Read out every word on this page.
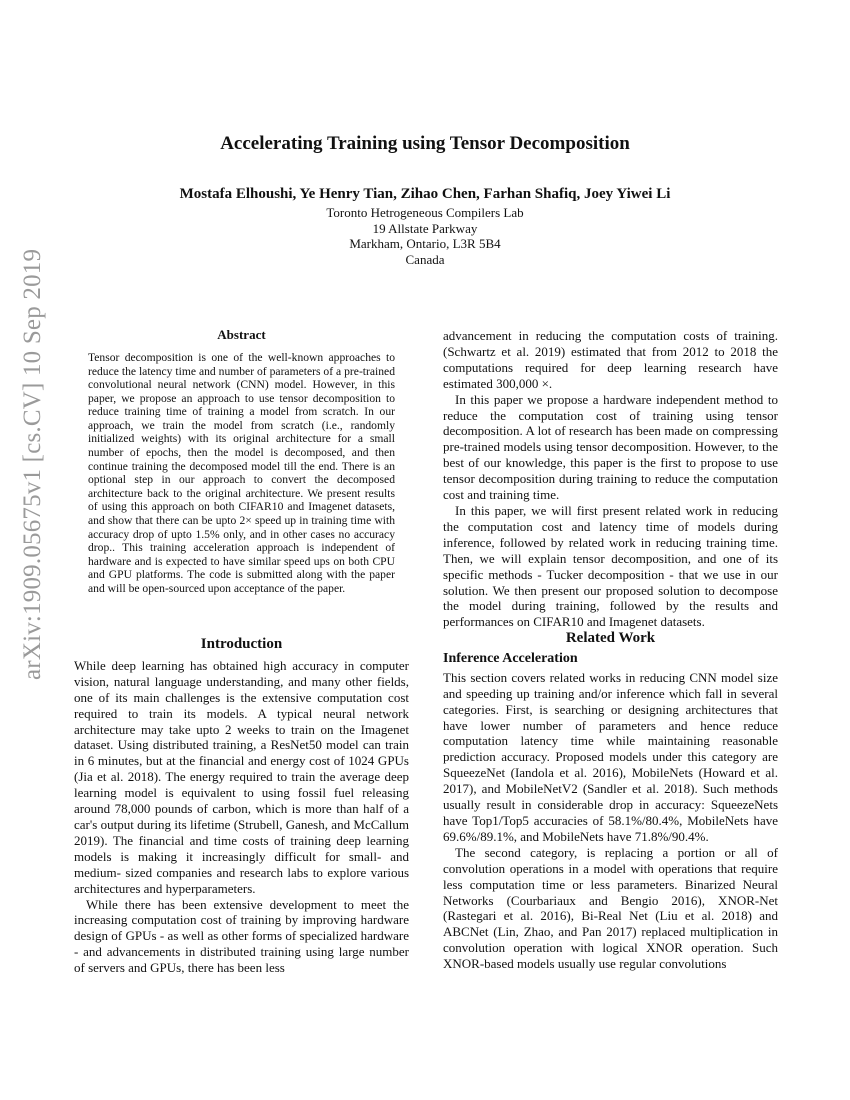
arXiv:1909.05675v1 [cs.CV] 10 Sep 2019
Accelerating Training using Tensor Decomposition
Mostafa Elhoushi, Ye Henry Tian, Zihao Chen, Farhan Shafiq, Joey Yiwei Li
Toronto Hetrogeneous Compilers Lab
19 Allstate Parkway
Markham, Ontario, L3R 5B4
Canada
Abstract
Tensor decomposition is one of the well-known approaches to reduce the latency time and number of parameters of a pre-trained convolutional neural network (CNN) model. However, in this paper, we propose an approach to use tensor decomposition to reduce training time of training a model from scratch. In our approach, we train the model from scratch (i.e., randomly initialized weights) with its original architecture for a small number of epochs, then the model is decomposed, and then continue training the decomposed model till the end. There is an optional step in our approach to convert the decomposed architecture back to the original architecture. We present results of using this approach on both CIFAR10 and Imagenet datasets, and show that there can be upto 2× speed up in training time with accuracy drop of upto 1.5% only, and in other cases no accuracy drop.. This training acceleration approach is independent of hardware and is expected to have similar speed ups on both CPU and GPU platforms. The code is submitted along with the paper and will be open-sourced upon acceptance of the paper.
Introduction

While deep learning has obtained high accuracy in computer vision, natural language understanding, and many other fields, one of its main challenges is the extensive computation cost required to train its models. A typical neural network architecture may take upto 2 weeks to train on the Imagenet dataset. Using distributed training, a ResNet50 model can train in 6 minutes, but at the financial and energy cost of 1024 GPUs (Jia et al. 2018). The energy required to train the average deep learning model is equivalent to using fossil fuel releasing around 78,000 pounds of carbon, which is more than half of a car's output during its lifetime (Strubell, Ganesh, and McCallum 2019). The financial and time costs of training deep learning models is making it increasingly difficult for small- and medium- sized companies and research labs to explore various architectures and hyperparameters.

While there has been extensive development to meet the increasing computation cost of training by improving hardware design of GPUs - as well as other forms of specialized hardware - and advancements in distributed training using large number of servers and GPUs, there has been less

advancement in reducing the computation costs of training. (Schwartz et al. 2019) estimated that from 2012 to 2018 the computations required for deep learning research have estimated 300,000 ×.

In this paper we propose a hardware independent method to reduce the computation cost of training using tensor decomposition. A lot of research has been made on compressing pre-trained models using tensor decomposition. However, to the best of our knowledge, this paper is the first to propose to use tensor decomposition during training to reduce the computation cost and training time.

In this paper, we will first present related work in reducing the computation cost and latency time of models during inference, followed by related work in reducing training time. Then, we will explain tensor decomposition, and one of its specific methods - Tucker decomposition - that we use in our solution. We then present our proposed solution to decompose the model during training, followed by the results and performances on CIFAR10 and Imagenet datasets.

Related Work
Inference Acceleration

This section covers related works in reducing CNN model size and speeding up training and/or inference which fall in several categories. First, is searching or designing architectures that have lower number of parameters and hence reduce computation latency time while maintaining reasonable prediction accuracy. Proposed models under this category are SqueezeNet (Iandola et al. 2016), MobileNets (Howard et al. 2017), and MobileNetV2 (Sandler et al. 2018). Such methods usually result in considerable drop in accuracy: SqueezeNets have Top1/Top5 accuracies of 58.1%/80.4%, MobileNets have 69.6%/89.1%, and MobileNets have 71.8%/90.4%.

The second category, is replacing a portion or all of convolution operations in a model with operations that require less computation time or less parameters. Binarized Neural Networks (Courbariaux and Bengio 2016), XNOR-Net (Rastegari et al. 2016), Bi-Real Net (Liu et al. 2018) and ABCNet (Lin, Zhao, and Pan 2017) replaced multiplication in convolution operation with logical XNOR operation. Such XNOR-based models usually use regular convolutions
